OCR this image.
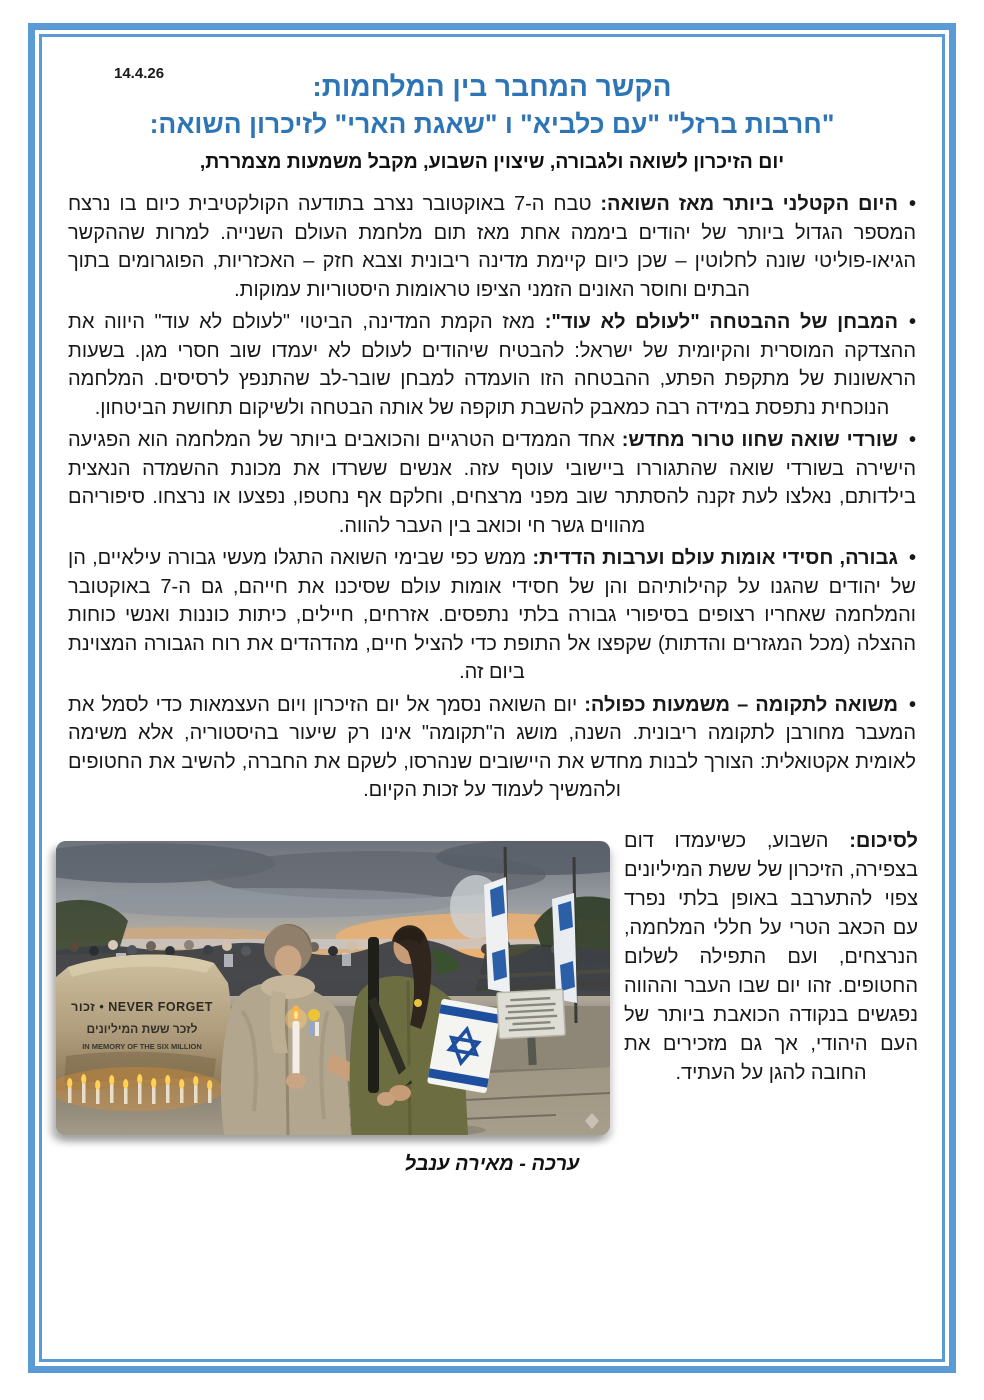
14.4.26	הקשר המחבר בין המלחמות:
"חרבות ברזל" "עם כלביא" ו "שאגת הארי" לזיכרון השואה:
יום הזיכרון לשואה ולגבורה, שיצוין השבוע, מקבל משמעות מצמררת,
• היום הקטלני ביותר מאז השואה: טבח ה-7 באוקטובר נצרב בתודעה הקולקטיבית כיום בו נרצח המספר הגדול ביותר של יהודים ביממה אחת מאז תום מלחמת העולם השנייה. למרות שההקשר הגיאו-פוליטי שונה לחלוטין – שכן כיום קיימת מדינה ריבונית וצבא חזק – האכזריות, הפוגרומים בתוך הבתים וחוסר האונים הזמני הציפו טראומות היסטוריות עמוקות.
• המבחן של ההבטחה "לעולם לא עוד": מאז הקמת המדינה, הביטוי "לעולם לא עוד" היווה את ההצדקה המוסרית והקיומית של ישראל: להבטיח שיהודים לעולם לא יעמדו שוב חסרי מגן. בשעות הראשונות של מתקפת הפתע, ההבטחה הזו הועמדה למבחן שובר-לב שהתנפץ לרסיסים. המלחמה הנוכחית נתפסת במידה רבה כמאבק להשבת תוקפה של אותה הבטחה ולשיקום תחושת הביטחון.
• שורדי שואה שחוו טרור מחדש: אחד הממדים הטרגיים והכואבים ביותר של המלחמה הוא הפגיעה הישירה בשורדי שואה שהתגוררו ביישובי עוטף עזה. אנשים ששרדו את מכונת ההשמדה הנאצית בילדותם, נאלצו לעת זקנה להסתתר שוב מפני מרצחים, וחלקם אף נחטפו, נפצעו או נרצחו. סיפוריהם מהווים גשר חי וכואב בין העבר להווה.
• גבורה, חסידי אומות עולם וערבות הדדית: ממש כפי שבימי השואה התגלו מעשי גבורה עילאיים, הן של יהודים שהגנו על קהילותיהם והן של חסידי אומות עולם שסיכנו את חייהם, גם ה-7 באוקטובר והמלחמה שאחריו רצופים בסיפורי גבורה בלתי נתפסים. אזרחים, חיילים, כיתות כוננות ואנשי כוחות ההצלה (מכל המגזרים והדתות) שקפצו אל התופת כדי להציל חיים, מהדהדים את רוח הגבורה המצוינת ביום זה.
• משואה לתקומה – משמעות כפולה: יום השואה נסמך אל יום הזיכרון ויום העצמאות כדי לסמל את המעבר מחורבן לתקומה ריבונית. השנה, מושג ה"תקומה" אינו רק שיעור בהיסטוריה, אלא משימה לאומית אקטואלית: הצורך לבנות מחדש את היישובים שנהרסו, לשקם את החברה, להשיב את החטופים ולהמשיך לעמוד על זכות הקיום.
לסיכום: השבוע, כשיעמדו דום בצפירה, הזיכרון של ששת המיליונים צפוי להתערבב באופן בלתי נפרד עם הכאב הטרי על חללי המלחמה, הנרצחים, ועם התפילה לשלום החטופים. זהו יום שבו העבר וההווה נפגשים בנקודה הכואבת ביותר של העם היהודי, אך גם מזכירים את החובה להגן על העתיד.
NEVER FORGET • זכור
לזכר ששת המיליונים
IN MEMORY OF THE SIX MILLION
ערכה - מאירה ענבל
